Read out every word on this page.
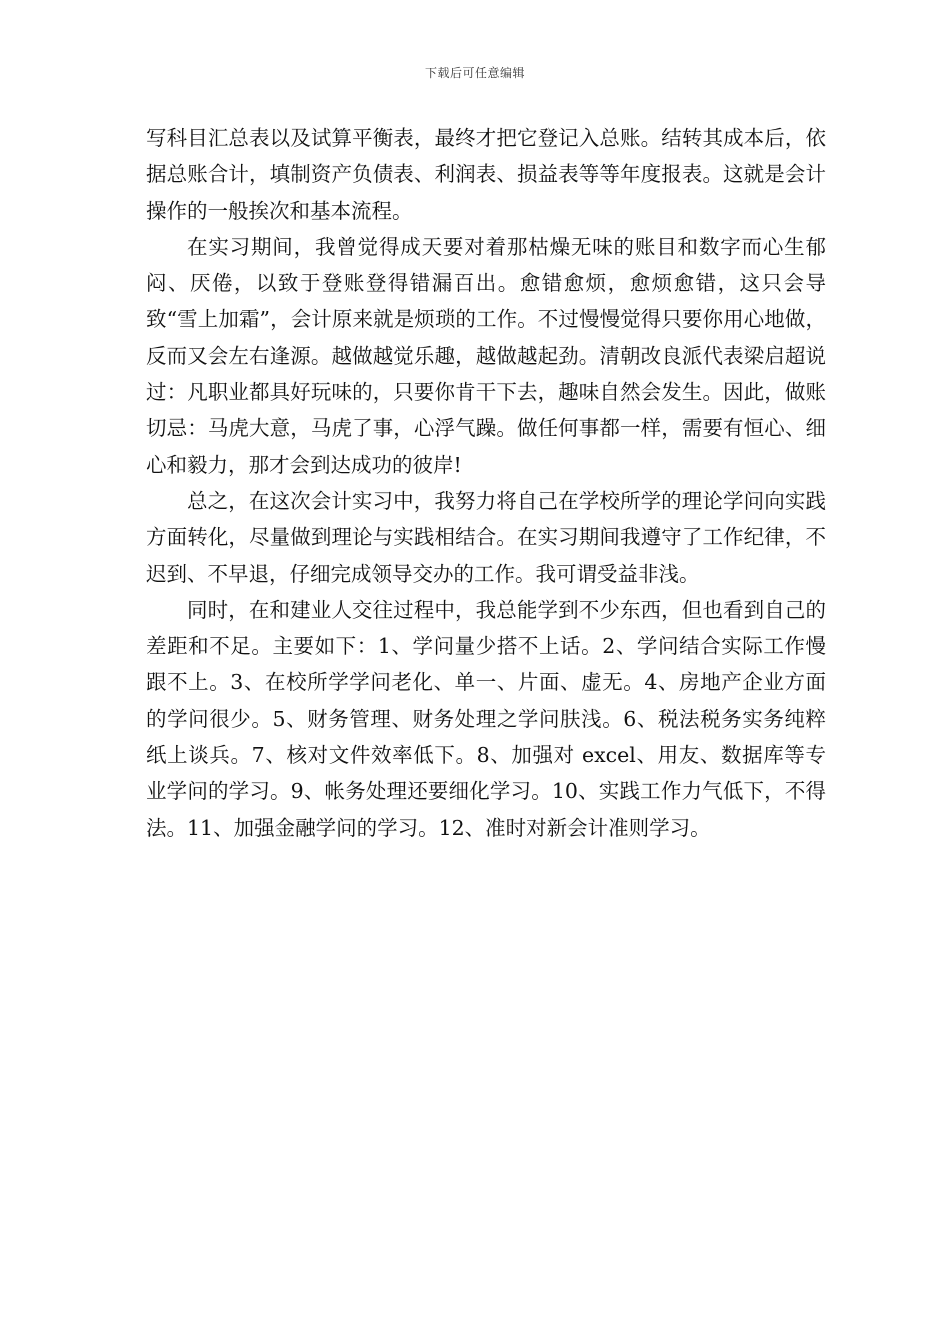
下载后可任意编辑

写科目汇总表以及试算平衡表，最终才把它登记入总账。结转其成本后，依据总账合计，填制资产负债表、利润表、损益表等等年度报表。这就是会计操作的一般挨次和基本流程。

在实习期间，我曾觉得成天要对着那枯燥无味的账目和数字而心生郁闷、厌倦，以致于登账登得错漏百出。愈错愈烦，愈烦愈错，这只会导致“雪上加霜”，会计原来就是烦琐的工作。不过慢慢觉得只要你用心地做，反而又会左右逢源。越做越觉乐趣，越做越起劲。清朝改良派代表梁启超说过：凡职业都具好玩味的，只要你肯干下去，趣味自然会发生。因此，做账切忌：马虎大意，马虎了事，心浮气躁。做任何事都一样，需要有恒心、细心和毅力，那才会到达成功的彼岸!

总之，在这次会计实习中，我努力将自己在学校所学的理论学问向实践方面转化，尽量做到理论与实践相结合。在实习期间我遵守了工作纪律，不迟到、不早退，仔细完成领导交办的工作。我可谓受益非浅。

同时，在和建业人交往过程中，我总能学到不少东西，但也看到自己的差距和不足。主要如下：1、学问量少搭不上话。2、学问结合实际工作慢跟不上。3、在校所学学问老化、单一、片面、虚无。4、房地产企业方面的学问很少。5、财务管理、财务处理之学问肤浅。6、税法税务实务纯粹纸上谈兵。7、核对文件效率低下。8、加强对 excel、用友、数据库等专业学问的学习。9、帐务处理还要细化学习。10、实践工作力气低下，不得法。11、加强金融学问的学习。12、准时对新会计准则学习。
